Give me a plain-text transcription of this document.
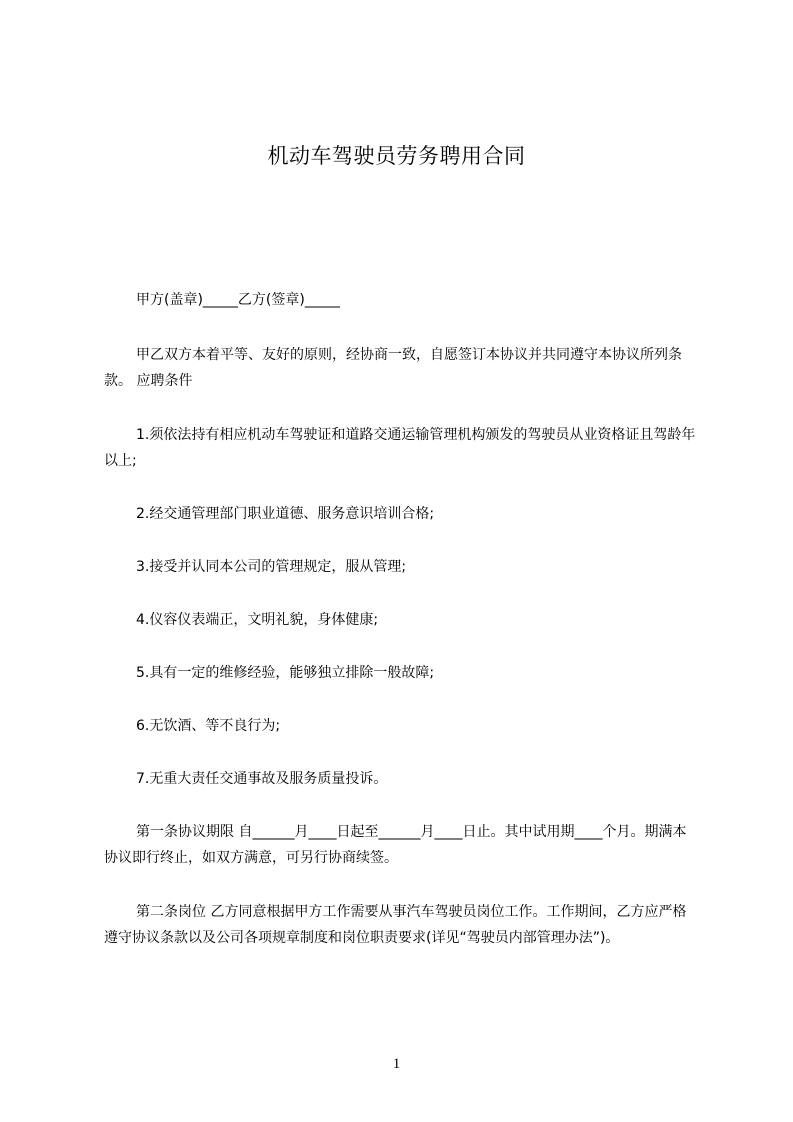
机动车驾驶员劳务聘用合同

甲方(盖章)_____乙方(签章)_____

甲乙双方本着平等、友好的原则，经协商一致，自愿签订本协议并共同遵守本协议所列条款。 应聘条件

1.须依法持有相应机动车驾驶证和道路交通运输管理机构颁发的驾驶员从业资格证且驾龄年以上;

2.经交通管理部门职业道德、服务意识培训合格;

3.接受并认同本公司的管理规定，服从管理;

4.仪容仪表端正，文明礼貌，身体健康;

5.具有一定的维修经验，能够独立排除一般故障;

6.无饮酒、等不良行为;

7.无重大责任交通事故及服务质量投诉。

第一条协议期限 自______月____日起至______月____日止。其中试用期____个月。期满本协议即行终止，如双方满意，可另行协商续签。

第二条岗位 乙方同意根据甲方工作需要从事汽车驾驶员岗位工作。工作期间，乙方应严格遵守协议条款以及公司各项规章制度和岗位职责要求(详见“驾驶员内部管理办法”)。

1
